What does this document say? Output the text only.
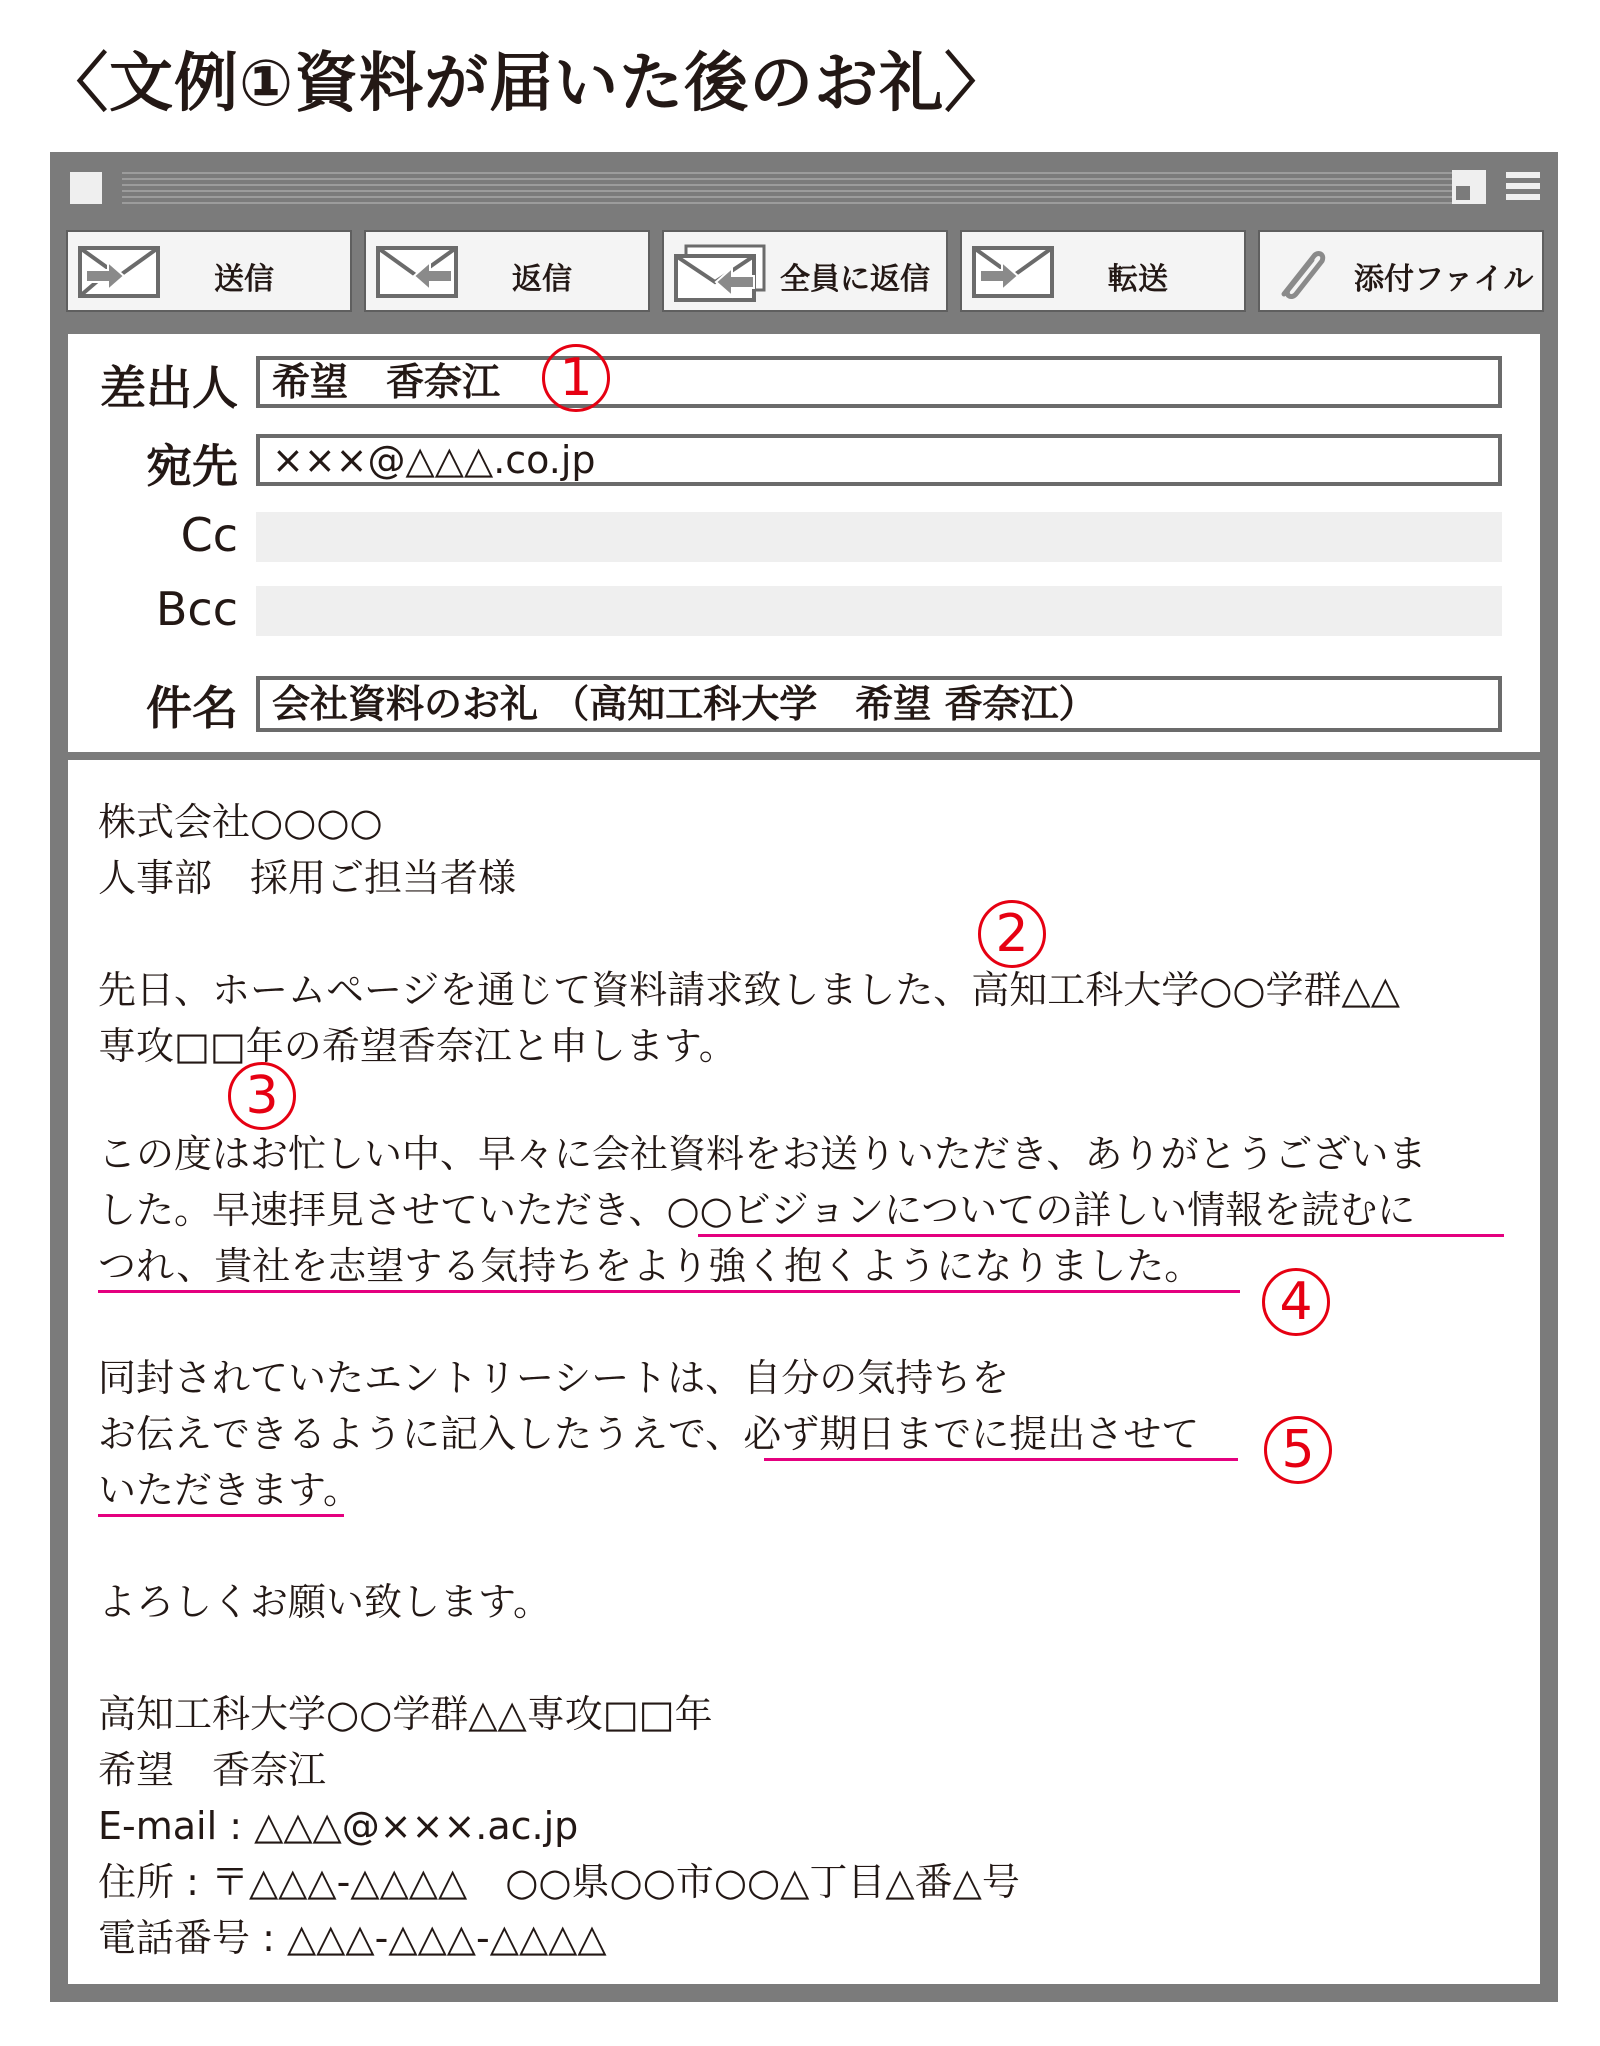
〈文例①資料が届いた後のお礼〉
送信	返信	全員に返信	転送	添付ファイル
差出人 希望　香奈江	1
宛先 ×××@△△△.co.jp
Cc
Bcc
件名 会社資料のお礼 （高知工科大学　希望 香奈江）
株式会社○○○○
人事部　採用ご担当者様
2
先日、ホームページを通じて資料請求致しました、高知工科大学○○学群△△
専攻□□年の希望香奈江と申します。
3
この度はお忙しい中、早々に会社資料をお送りいただき、ありがとうございま
した。早速拝見させていただき、○○ビジョンについての詳しい情報を読むに
つれ、貴社を志望する気持ちをより強く抱くようになりました。
4
同封されていたエントリーシートは、自分の気持ちを
お伝えできるように記入したうえで、必ず期日までに提出させて	5
いただきます。
よろしくお願い致します。
高知工科大学○○学群△△専攻□□年
希望　香奈江
E-mail : △△△@×××.ac.jp
住所 : 〒△△△-△△△△　○○県○○市○○△丁目△番△号
電話番号 : △△△-△△△-△△△△
